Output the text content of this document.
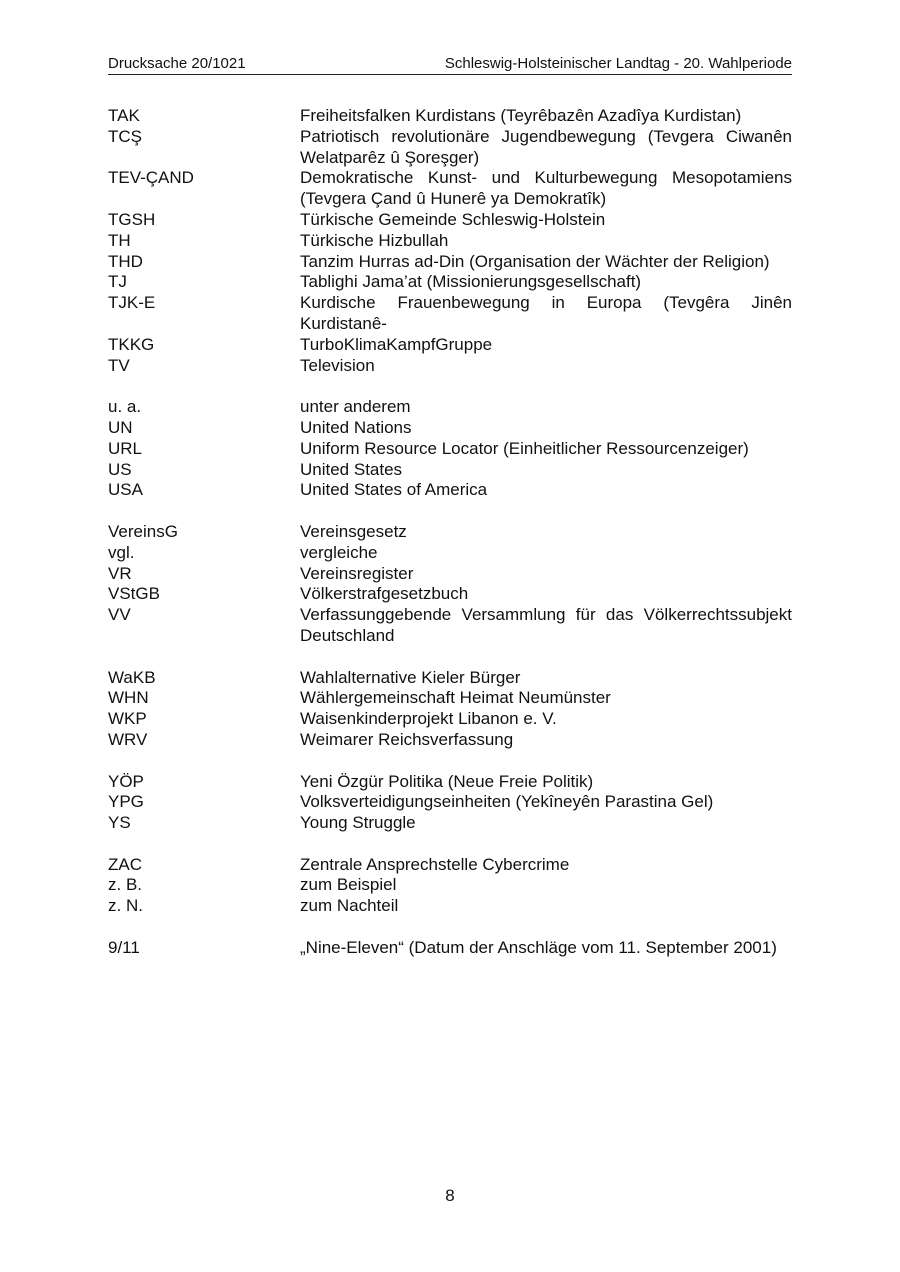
Drucksache 20/1021	Schleswig-Holsteinischer Landtag - 20. Wahlperiode
TAK	Freiheitsfalken Kurdistans (Teyrêbazên Azadîya Kurdistan)
TCŞ	Patriotisch revolutionäre Jugendbewegung (Tevgera Ciwanên Welatparêz û Şoreşger)
TEV-ÇAND	Demokratische Kunst- und Kulturbewegung Mesopotamiens (Tevgera Çand û Hunerê ya Demokratîk)
TGSH	Türkische Gemeinde Schleswig-Holstein
TH	Türkische Hizbullah
THD	Tanzim Hurras ad-Din (Organisation der Wächter der Religion)
TJ	Tablighi Jama’at (Missionierungsgesellschaft)
TJK-E	Kurdische Frauenbewegung in Europa (Tevgêra Jinên Kurdistanê-
TKKG	TurboKlimaKampfGruppe
TV	Television
u. a.	unter anderem
UN	United Nations
URL	Uniform Resource Locator (Einheitlicher Ressourcenzeiger)
US	United States
USA	United States of America
VereinsG	Vereinsgesetz
vgl.	vergleiche
VR	Vereinsregister
VStGB	Völkerstrafgesetzbuch
VV	Verfassunggebende Versammlung für das Völkerrechtssubjekt Deutschland
WaKB	Wahlalternative Kieler Bürger
WHN	Wählergemeinschaft Heimat Neumünster
WKP	Waisenkinderprojekt Libanon e. V.
WRV	Weimarer Reichsverfassung
YÖP	Yeni Özgür Politika (Neue Freie Politik)
YPG	Volksverteidigungseinheiten (Yekîneyên Parastina Gel)
YS	Young Struggle
ZAC	Zentrale Ansprechstelle Cybercrime
z. B.	zum Beispiel
z. N.	zum Nachteil
9/11	„Nine-Eleven“ (Datum der Anschläge vom 11. September 2001)
8
